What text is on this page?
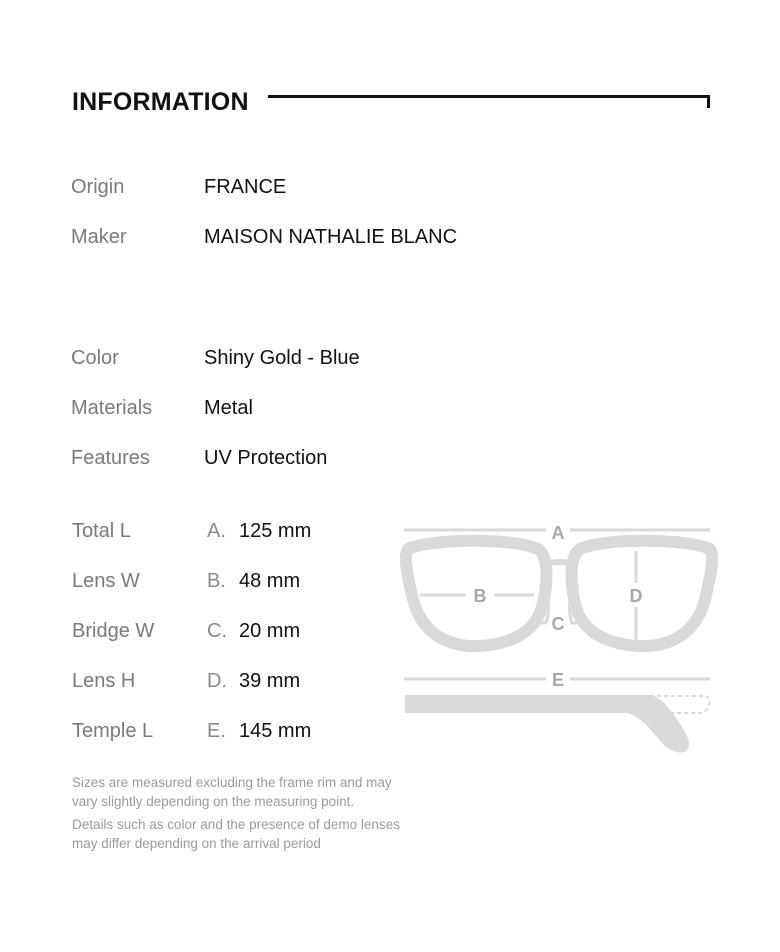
INFORMATION
Origin	FRANCE
Maker	MAISON NATHALIE BLANC
Color	Shiny Gold - Blue
Materials	Metal
Features	UV Protection
Total L	A. 125 mm
Lens W	B. 48 mm
Bridge W	C. 20 mm
Lens H	D. 39 mm
Temple L	E. 145 mm
A
B
C
D
E
Sizes are measured excluding the frame rim and may vary slightly depending on the measuring point.
Details such as color and the presence of demo lenses may differ depending on the arrival period
